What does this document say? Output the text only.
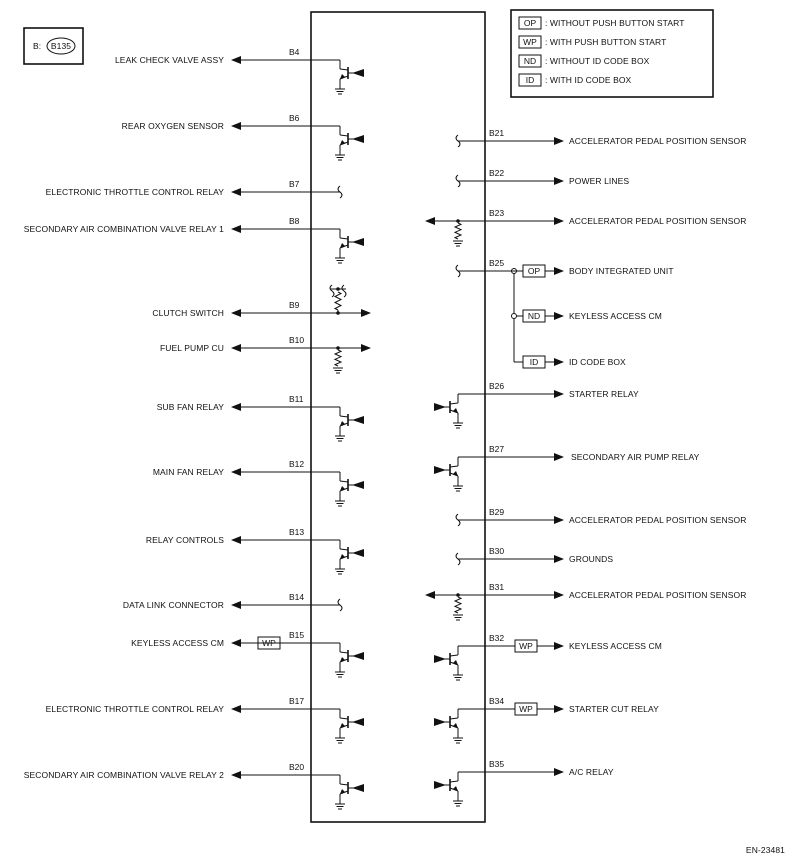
B: B135
OP : WITHOUT PUSH BUTTON START
WP : WITH PUSH BUTTON START
ND : WITHOUT ID CODE BOX
ID : WITH ID CODE BOX
EN-23481
LEAK CHECK VALVE ASSY
B4
REAR OXYGEN SENSOR
B6
ELECTRONIC THROTTLE CONTROL RELAY
B7
SECONDARY AIR COMBINATION VALVE RELAY 1
B8
CLUTCH SWITCH
B9
FUEL PUMP CU
B10
SUB FAN RELAY
B11
MAIN FAN RELAY
B12
RELAY CONTROLS
B13
DATA LINK CONNECTOR
B14
KEYLESS ACCESS CM
B15
WP
ELECTRONIC THROTTLE CONTROL RELAY
B17
SECONDARY AIR COMBINATION VALVE RELAY 2
B20
ACCELERATOR PEDAL POSITION SENSOR
B21
POWER LINES
B22
ACCELERATOR PEDAL POSITION SENSOR
B23
BODY INTEGRATED UNIT
B25
OP
KEYLESS ACCESS CM
ND
ID CODE BOX
ID
STARTER RELAY
B26
SECONDARY AIR PUMP RELAY
B27
ACCELERATOR PEDAL POSITION SENSOR
B29
GROUNDS
B30
ACCELERATOR PEDAL POSITION SENSOR
B31
KEYLESS ACCESS CM
B32
WP
STARTER CUT RELAY
B34
WP
A/C RELAY
B35
